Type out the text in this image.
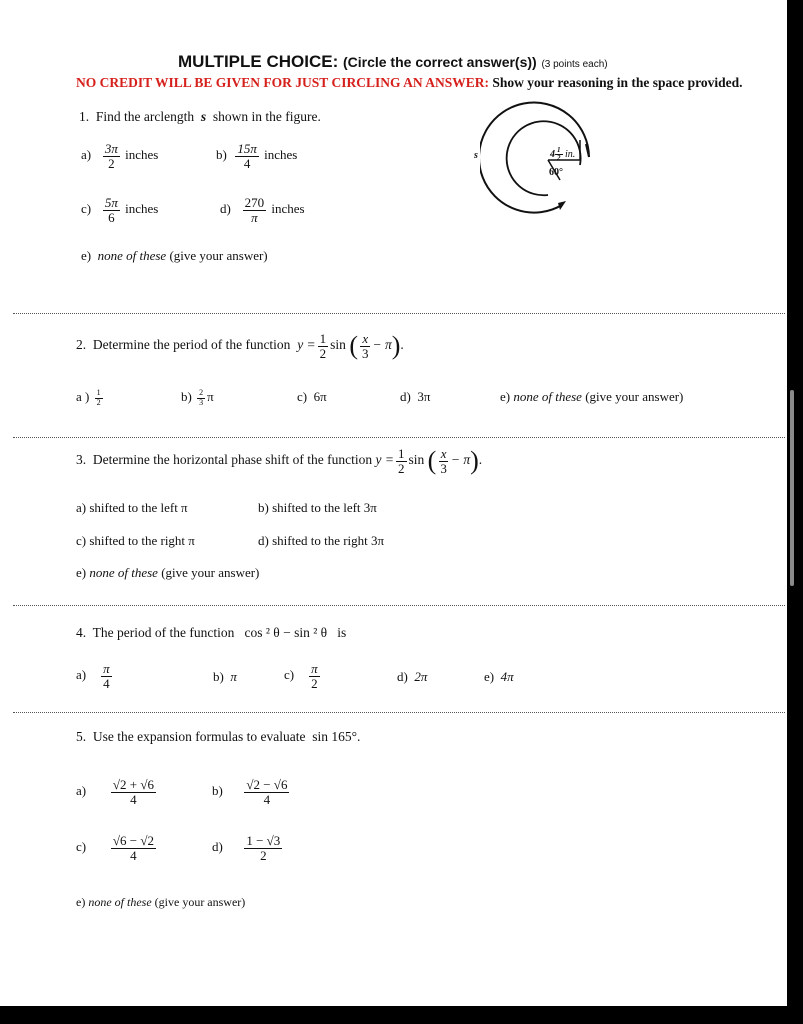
MULTIPLE CHOICE: (Circle the correct answer(s)) (3 points each)
NO CREDIT WILL BE GIVEN FOR JUST CIRCLING AN ANSWER: Show your reasoning in the space provided.
1. Find the arclength s shown in the figure.
$a) \frac{3\pi}{2}$ inches	$b) \frac{15\pi}{4}$ inches
$c) \frac{5\pi}{6}$ inches	$d) \frac{270}{\pi}$ inches
e) none of these (give your answer)
s	$4 \frac{1}{2}$ in.
60°
2. Determine the period of the function $y = \frac{1}{2}$ sin ( $\frac{x}{3} - \pi$).
a ) $\frac{1}{2}$	$b) \frac{2}{3}$ π	c) 6π	d) 3π	e) none of these (give your answer)
3. Determine the horizontal phase shift of the function $y = \frac{1}{2}$ sin ( $\frac{x}{3} - \pi$).
a) shifted to the left π	b) shifted to the left 3π
c) shifted to the right π	d) shifted to the right 3π
e) none of these (give your answer)
4. The period of the function cos ² θ − sin ² θ is
$a) \frac{\pi}{4}$	b) π	$c) \frac{\pi}{2}$	d) 2π	e) 4π
5. Use the expansion formulas to evaluate sin 165°.
$a) \frac{√2 + √6}{4}$	$b) \frac{√2 - √6}{4}$
$c) \frac{√6 - √2}{4}$	$d) \frac{1 - √3}{2}$
e) none of these (give your answer)
